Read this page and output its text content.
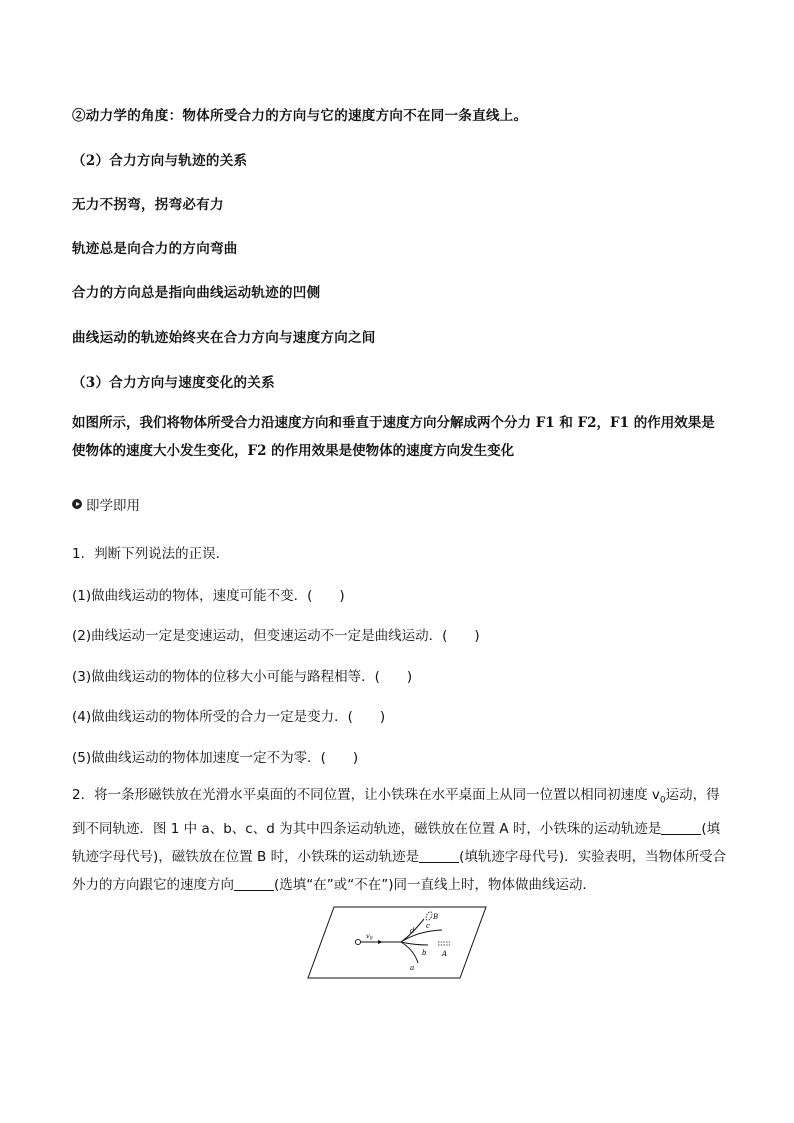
②动力学的角度：物体所受合力的方向与它的速度方向不在同一条直线上。
（2）合力方向与轨迹的关系
无力不拐弯，拐弯必有力
轨迹总是向合力的方向弯曲
合力的方向总是指向曲线运动轨迹的凹侧
曲线运动的轨迹始终夹在合力方向与速度方向之间
（3）合力方向与速度变化的关系
如图所示，我们将物体所受合力沿速度方向和垂直于速度方向分解成两个分力 F1 和 F2，F1 的作用效果是使物体的速度大小发生变化，F2 的作用效果是使物体的速度方向发生变化
即学即用
1．判断下列说法的正误．
(1)做曲线运动的物体，速度可能不变．(　　)
(2)曲线运动一定是变速运动，但变速运动不一定是曲线运动．(　　)
(3)做曲线运动的物体的位移大小可能与路程相等．(　　)
(4)做曲线运动的物体所受的合力一定是变力．(　　)
(5)做曲线运动的物体加速度一定不为零．(　　)
2．将一条形磁铁放在光滑水平桌面的不同位置，让小铁珠在水平桌面上从同一位置以相同初速度 $v_0$运动，得到不同轨迹．图 1 中 a、b、c、d 为其中四条运动轨迹，磁铁放在位置 A 时，小铁珠的运动轨迹是	(填轨迹字母代号)，磁铁放在位置 B 时，小铁珠的运动轨迹是	(填轨迹字母代号)．实验表明，当物体所受合外力的方向跟它的速度方向	(选填“在”或“不在”)同一直线上时，物体做曲线运动．
$v_0$
B
c
d
b A
a
